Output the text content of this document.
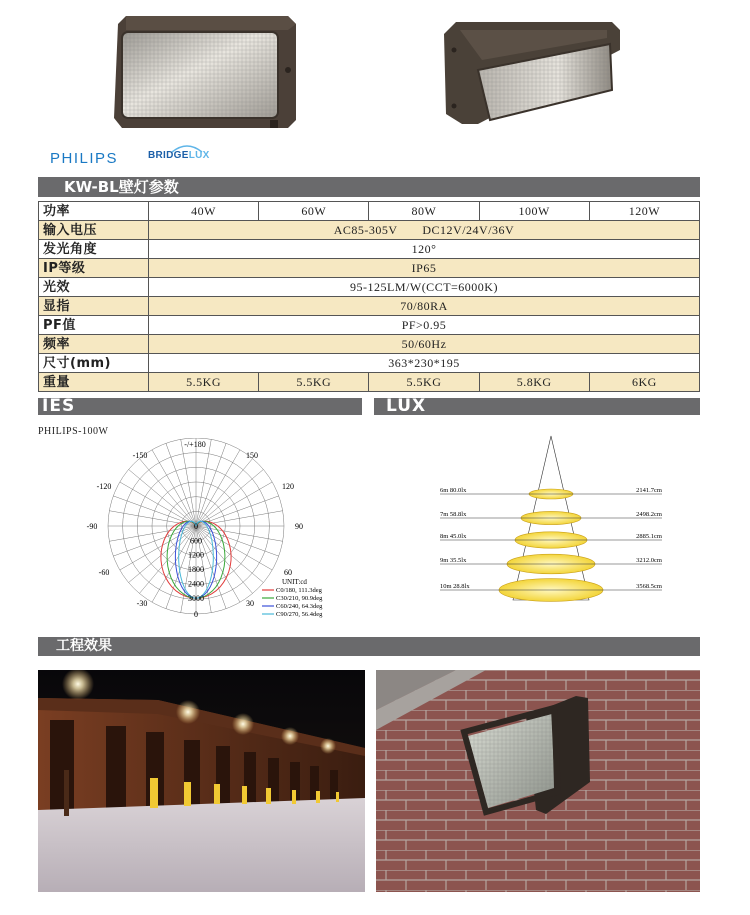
PHILIPS	BRIDGELUX
KW-BL壁灯参数
功率	40W	60W	80W	100W	120W
输入电压	AC85-305V　　DC12V/24V/36V				
发光角度	120°				
IP等级	IP65				
光效	95-125LM/W(CCT=6000K)				
显指	70/80RA				
PF值	PF>0.95				
频率	50/60Hz				
尺寸(mm)	363*230*195				
重量	5.5KG	5.5KG	5.5KG	5.8KG	6KG
IES
PHILIPS-100W
-/+180
-150	150
-120	120
-90	90
-60	60
-30	30
0
0
600
1200
1800
2400
3000
UNIT:cd
C0/180, 111.3deg
C30/210, 90.9deg
C60/240, 64.3deg
C90/270, 56.4deg
LUX
6m 80.0lx	2141.7cm
7m 58.8lx	2498.2cm
8m 45.0lx	2885.1cm
9m 35.5lx	3212.0cm
10m 28.8lx	3568.5cm
工程效果
